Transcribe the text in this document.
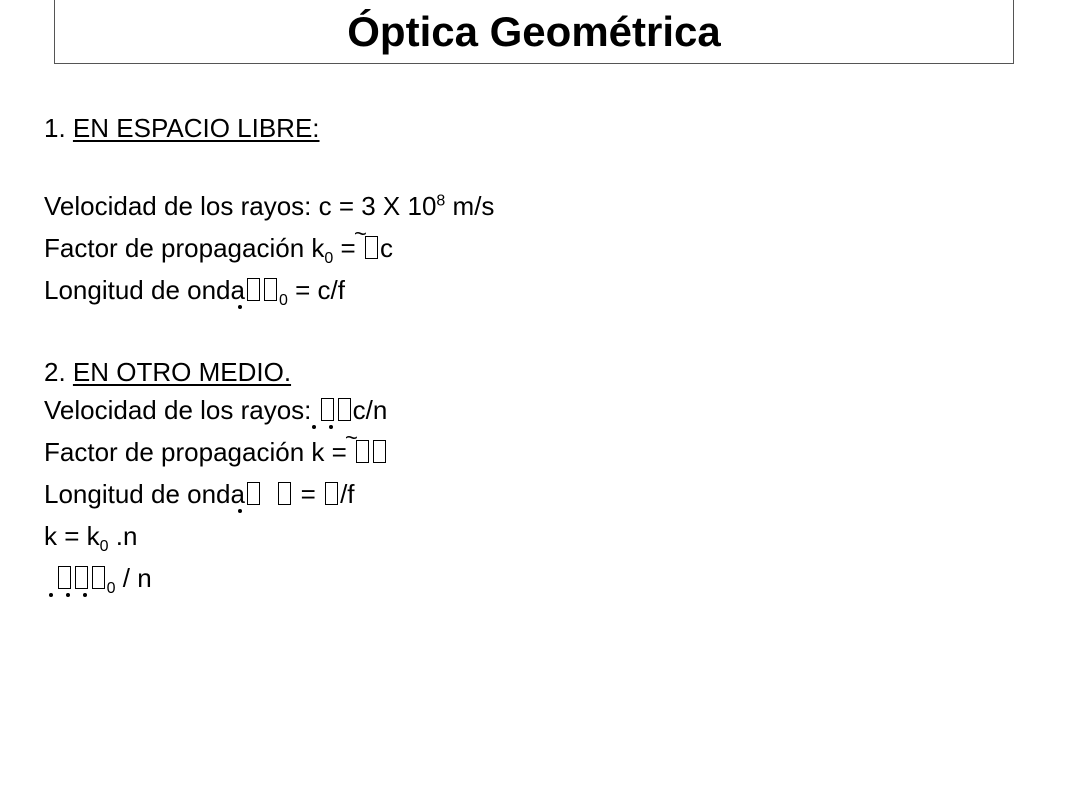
Óptica Geométrica

1. EN ESPACIO LIBRE:

Velocidad de los rayos: c = 3 X $10^8$ m/s

Factor de propagación $k_0$ = ~c

Longitud de onda $_0$ = c/f

2. EN OTRO MEDIO.

Velocidad de los rayos: c/n

Factor de propagación k = ~

Longitud de onda   = /f

$k = k_0$ .n

$_0$ / n
